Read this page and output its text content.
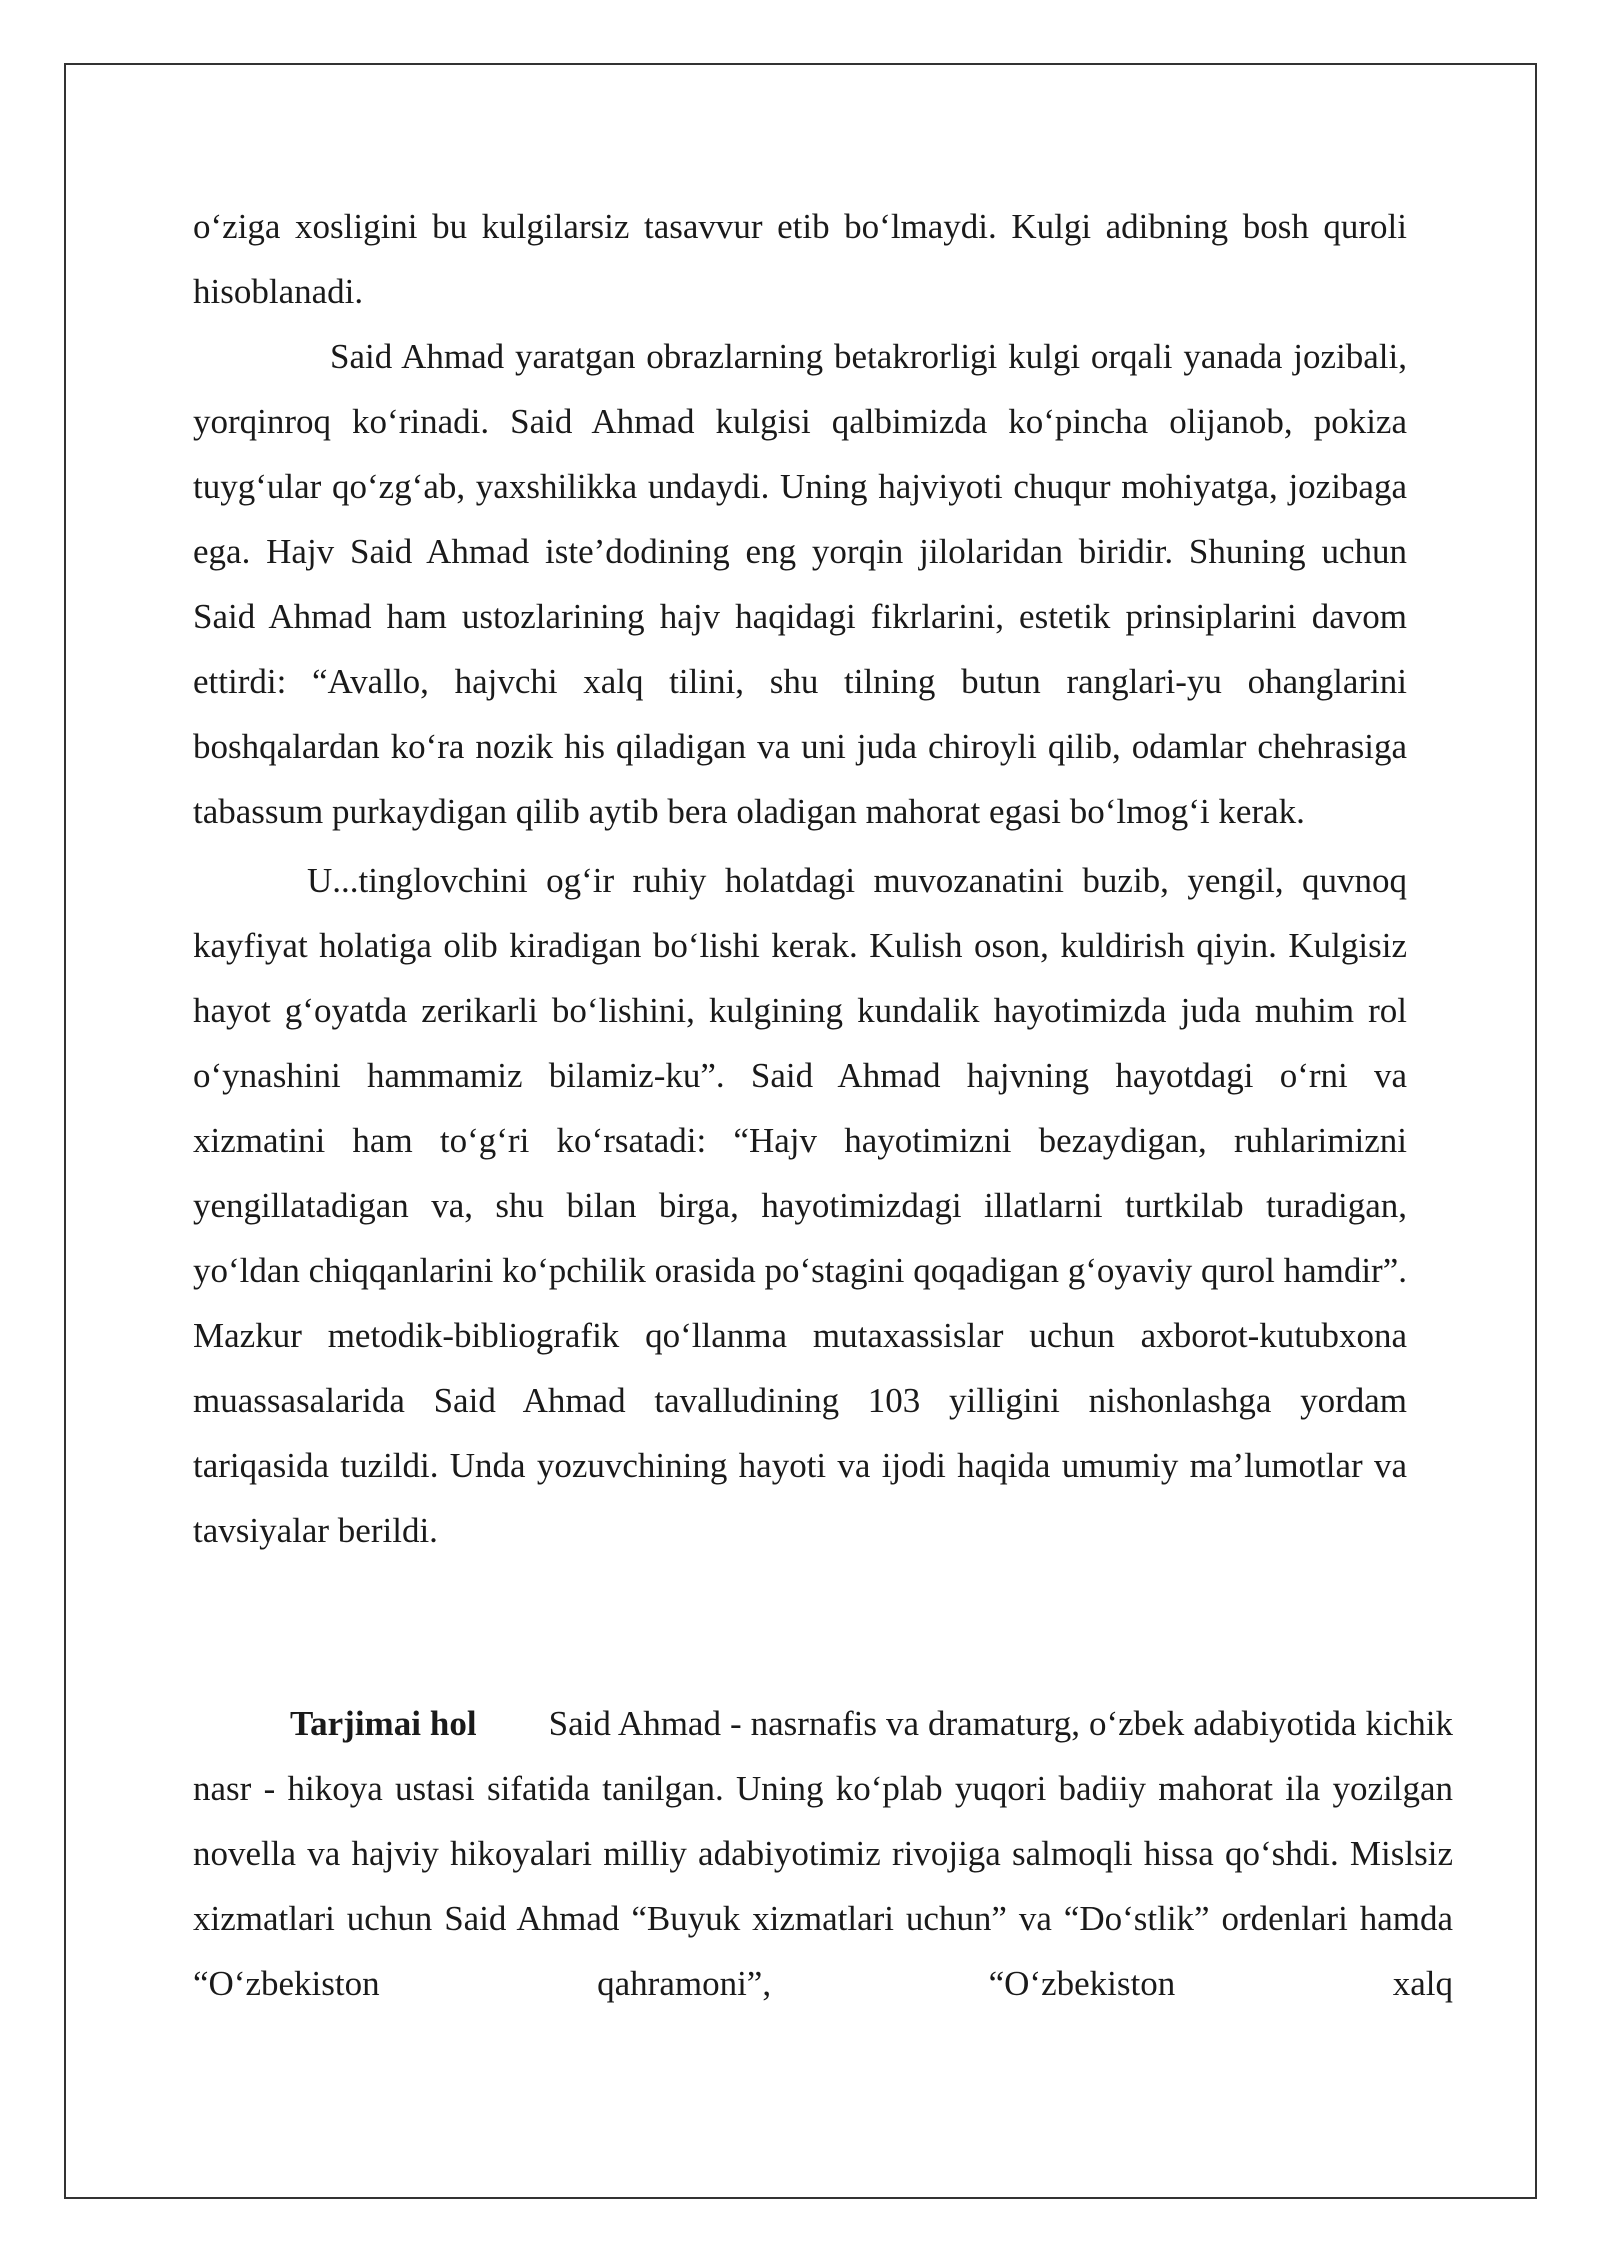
o‘ziga xosligini bu kulgilarsiz tasavvur etib bo‘lmaydi. Kulgi adibning bosh quroli hisoblanadi.

Said Ahmad yaratgan obrazlarning betakrorligi kulgi orqali yanada jozibali, yorqinroq ko‘rinadi. Said Ahmad kulgisi qalbimizda ko‘pincha olijanob, pokiza tuyg‘ular qo‘zg‘ab, yaxshilikka undaydi. Uning hajviyoti chuqur mohiyatga, jozibaga ega. Hajv Said Ahmad iste’dodining eng yorqin jilolaridan biridir. Shuning uchun Said Ahmad ham ustozlarining hajv haqidagi fikrlarini, estetik prinsiplarini davom ettirdi: “Avallo, hajvchi xalq tilini, shu tilning butun ranglari-yu ohanglarini boshqalardan ko‘ra nozik his qiladigan va uni juda chiroyli qilib, odamlar chehrasiga tabassum purkaydigan qilib aytib bera oladigan mahorat egasi bo‘lmog‘i kerak.

U...tinglovchini og‘ir ruhiy holatdagi muvozanatini buzib, yengil, quvnoq kayfiyat holatiga olib kiradigan bo‘lishi kerak. Kulish oson, kuldirish qiyin. Kulgisiz hayot g‘oyatda zerikarli bo‘lishini, kulgining kundalik hayotimizda juda muhim rol o‘ynashini hammamiz bilamiz-ku”. Said Ahmad hajvning hayotdagi o‘rni va xizmatini ham to‘g‘ri ko‘rsatadi: “Hajv hayotimizni bezaydigan, ruhlarimizni yengillatadigan va, shu bilan birga, hayotimizdagi illatlarni turtkilab turadigan, yo‘ldan chiqqanlarini ko‘pchilik orasida po‘stagini qoqadigan g‘oyaviy qurol hamdir”. Mazkur metodik-bibliografik qo‘llanma mutaxassislar uchun axborot-kutubxona muassasalarida Said Ahmad tavalludining 103 yilligini nishonlashga yordam tariqasida tuzildi. Unda yozuvchining hayoti va ijodi haqida umumiy ma’lumotlar va tavsiyalar berildi.

Tarjimai hol Said Ahmad - nasrnafis va dramaturg, o‘zbek adabiyotida kichik nasr - hikoya ustasi sifatida tanilgan. Uning ko‘plab yuqori badiiy mahorat ila yozilgan novella va hajviy hikoyalari milliy adabiyotimiz rivojiga salmoqli hissa qo‘shdi. Mislsiz xizmatlari uchun Said Ahmad “Buyuk xizmatlari uchun” va “Do‘stlik” ordenlari hamda “O‘zbekiston qahramoni”, “O‘zbekiston xalq
